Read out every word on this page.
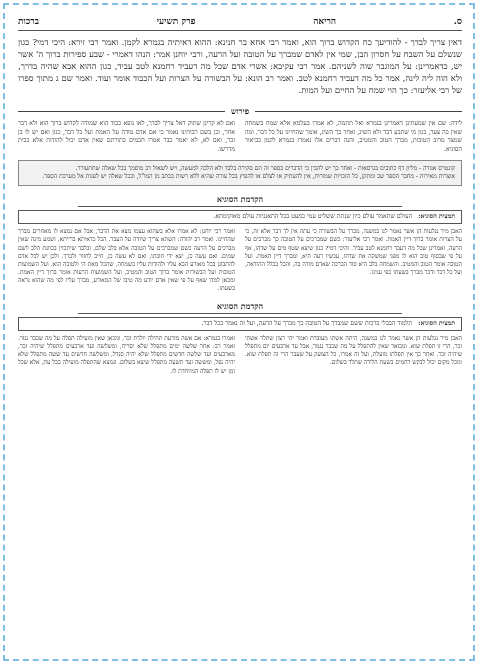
ס.
הריאה
פרק תשיעי
ברכות
דאין צריך לבדך - להודיעך כח הקדוש ברוך הוא, ואמר רבי אחא בר חנינא: ההוא דאיתיה בגמרא לקמן. ואמר רבי זירא: היכי דמי? כגון שנשלם על השבח על חסרון הבן, שמי אין לאדם שמברך על הטובה ועל הרעה, ורבי יוחנן אמר: הנהו דאמרי - שבע ספירות ברוך ה' אשר יש, כדאמרינן: על המוגבר שוה לשניהם. אמר רבי עקיבא: אשרי אדם שכל מה דעביד רחמנא לטב עביד, כגון ההוא אבא שהיה בדרך, ולא הוה ליה לינה, אמר כל מה דעביד רחמנא לטב. ואמר רב הונא: על הבשורה על הצרות ועל הכבוד אומר ועוד. ואמר שם ג מתוך ספרו של רבי אליעזר: כך הוי שמח על החיים ועל המות.
פירוש
לידה: שם אין שמעתינן דאמרינן בגמרא ואל תתמה, לא אמרו בעלמא אלא שמח בשמחה שאין בה צער, כגון מי שתבע דבר ולא השיג, ואחר כך השיג, אומר שהחיינו על כל דבר. ומה שמצד מרוב הטובות, מברך הטוב והמטיב, והנה דברים אלו נאמרו בגמרא לקמן בביאור הסוגיא.
ואם לא קרינן שתוק דאל צריך לבדך, לאו גופא כבוד הוא שמודה לקדוש ברוך הוא ולא דבר אחר, וכן בשם רבותינו נאמר כי אם אדם מודה על האמת ועל כל דבר, כגון ואם יש לו בן זכר, ואם לא, לא יאמר כבר אמרו חכמים בתורתם שאין אדם יכול להודות אלא בבית מדרשו.
קונטרס אנודה - מליון דף כתובים בגרסאות - ואחר כך יש להבין כי הדברים בספר זה הם סקירה בלבד ולא הלכה למעשה, ויש לשאול רב מוסמך בכל שאלה שתתעורר.
אוצרות מאירות - מחבר הספר שב ומתקן, כל הזכויות שמורות, אין להעתיק או לצלם או להפיץ בכל צורה שהיא ללא רשות בכתב מן המו"ל, ובכל שאלה יש לפנות אל מערכת הספר.
הקדמת הסוגיא
תמצית הסוגיא: העולם שתאמר עולם כיון שנתת ששליט עמי כמעט בכל התאנגיות עולם מאוקימתא.
האבן מיר נגלעות הן אשר נאמר לנו במשנה, מברך על הבשורה כי עתה אין לך דבר אלא זה, כי על הצרות אומר ברוך דיין האמת. ואמר רבי אליעזר: כשם שמברכים על הטובה כך מברכים על הרעה, ואמרינן שכל מה דעבד רחמנא לטב עביד. והיכי דמי? כגון שיצא שטף מים על שדהו, אף על פי שבסוף טוב הוא לו מפני שמשקה את שדהו, עכשיו רעה היא, ומברך דיין האמת. ועל הטובה אומר הטוב והמטיב. והשמחה בלב היא סוד הברכה שאדם מודה בה, והכל בכלל ההודאה, ועל כל דבר ודבר מברך בשעתו כפי ענינו.
ואמר רבי יוחנן: לא אמרו אלא בשהוא עצמו מצא את הדבר, אבל אם נמצא לו מאחרים מברך שהחיינו. ואמר רב יהודה: השתא צריך שיודה על העבר. הכל כדאיתא ברייתא, ושמע מינה שאין מברכים על הרעה כשם שמברכים על הטובה אלא בלב שלם, ובלבד שיתכוין בכוונת הלב לשם שמים. ואם עשה כן, יצא ידי חובתו, ואם לא עשה כן, חייב לחזור ולברך. ולכן יש לכל אדם להתבונן בכל מאורע הבא עליו ולהודות עליו בשמחה, שהכל מאת ה' ולטובה הוא. ועל השמועות הטובות ועל הבשורות אומר ברוך הטוב והמטיב, ועל השמועות הרעות אומר ברוך דיין האמת. ומכאן למדו שאף על פי שאין אדם יודע מה טיבו של המאורע, מברך עליו לפי מה שהוא נראה בשעתו.
הקדמת הסוגיא
תמצית הסוגיא: תלמוד הבבלי ברכות ששם שמברך על הטובה כך מברך על הרעה, ועל זה נאמר בכל דבר.
האבן מיר נגלעות הן אשר נאמר לנו במשנה, היתה אשתו מעוברת ואמר יהי רצון שתלד אשתי זכר, הרי זו תפלת שוא. ומבואר שאין להתפלל על מה שכבר נגמר, אבל עד ארבעים יום מתפלל שיהיה זכר. ואחר כך אין תפלתו מועלת, ועל זה אמרו, כל הצועק על שעבר הרי זה תפלת שוא. ומכל מקום יכול לבקש רחמים בשעת הלידה שתלד בשלום.
ואמרו בגמרא: אם אשה מזרעת תחילה יולדת זכר, ומכאן שאין מועילה תפלה על מה שכבר נגזר. ואמר רב: אחר שלשה ימים מתפלל שלא יסריח, ומשלשה ועד ארבעים מתפלל שיהיה זכר, מארבעים ועד שלשה חדשים מתפלל שלא יהיה סנדל, ומשלשה חדשים עד ששה מתפלל שלא יהיה נפל, ומששה ועד תשעה מתפלל שיצא בשלום. ונמצא שהתפלה מועילה בכל עת, אלא שכל זמן יש לו תפלה המיוחדת לו.
